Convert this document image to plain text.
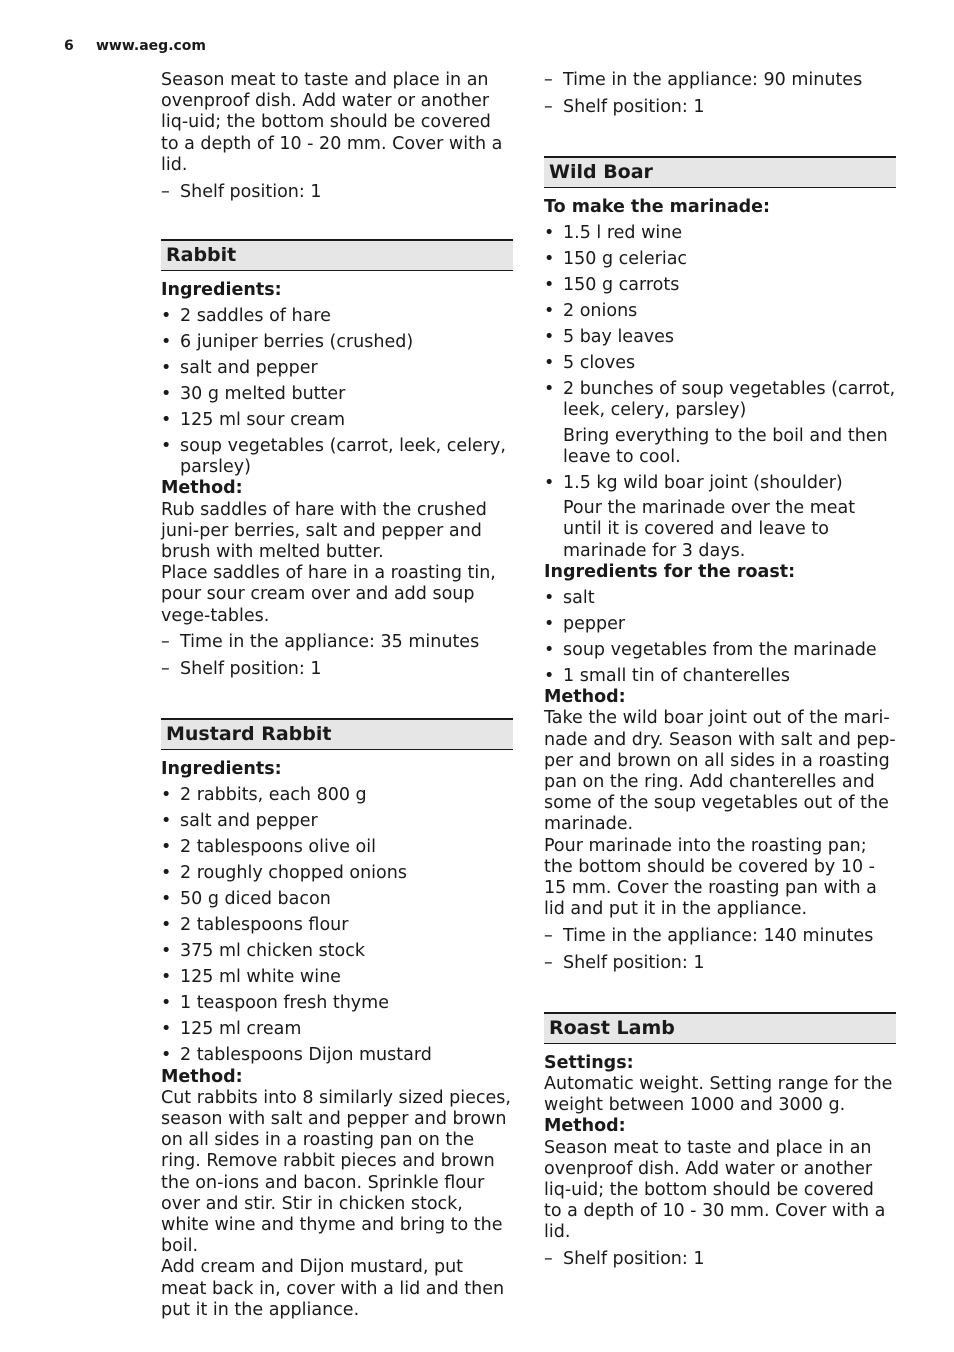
6 www.aeg.com

Season meat to taste and place in an ovenproof dish. Add water or another liq-uid; the bottom should be covered to a depth of 10 - 20 mm. Cover with a lid.

– Shelf position: 1
Rabbit
Ingredients:
• 2 saddles of hare
• 6 juniper berries (crushed)
• salt and pepper
• 30 g melted butter
• 125 ml sour cream
• soup vegetables (carrot, leek, celery, parsley)
Method:

Rub saddles of hare with the crushed juni-per berries, salt and pepper and brush with melted butter.

Place saddles of hare in a roasting tin, pour sour cream over and add soup vege-tables.

– Time in the appliance: 35 minutes
– Shelf position: 1
Mustard Rabbit
Ingredients:
• 2 rabbits, each 800 g
• salt and pepper
• 2 tablespoons olive oil
• 2 roughly chopped onions
• 50 g diced bacon
• 2 tablespoons flour
• 375 ml chicken stock
• 125 ml white wine
• 1 teaspoon fresh thyme
• 125 ml cream
• 2 tablespoons Dijon mustard
Method:

Cut rabbits into 8 similarly sized pieces, season with salt and pepper and brown on all sides in a roasting pan on the ring. Remove rabbit pieces and brown the on-ions and bacon. Sprinkle flour over and stir. Stir in chicken stock, white wine and thyme and bring to the boil.

Add cream and Dijon mustard, put meat back in, cover with a lid and then put it in the appliance.

– Time in the appliance: 90 minutes
– Shelf position: 1
Wild Boar
To make the marinade:
• 1.5 l red wine
• 150 g celeriac
• 150 g carrots
• 2 onions
• 5 bay leaves
• 5 cloves
• 2 bunches of soup vegetables (carrot, leek, celery, parsley)

Bring everything to the boil and then leave to cool.

• 1.5 kg wild boar joint (shoulder)

Pour the marinade over the meat until it is covered and leave to marinade for 3 days.

Ingredients for the roast:
• salt
• pepper
• soup vegetables from the marinade
• 1 small tin of chanterelles
Method:

Take the wild boar joint out of the mari-nade and dry. Season with salt and pep-per and brown on all sides in a roasting pan on the ring. Add chanterelles and some of the soup vegetables out of the marinade.

Pour marinade into the roasting pan; the bottom should be covered by 10 - 15 mm. Cover the roasting pan with a lid and put it in the appliance.

– Time in the appliance: 140 minutes
– Shelf position: 1
Roast Lamb
Settings:

Automatic weight. Setting range for the weight between 1000 and 3000 g.

Method:

Season meat to taste and place in an ovenproof dish. Add water or another liq-uid; the bottom should be covered to a depth of 10 - 30 mm. Cover with a lid.

– Shelf position: 1
